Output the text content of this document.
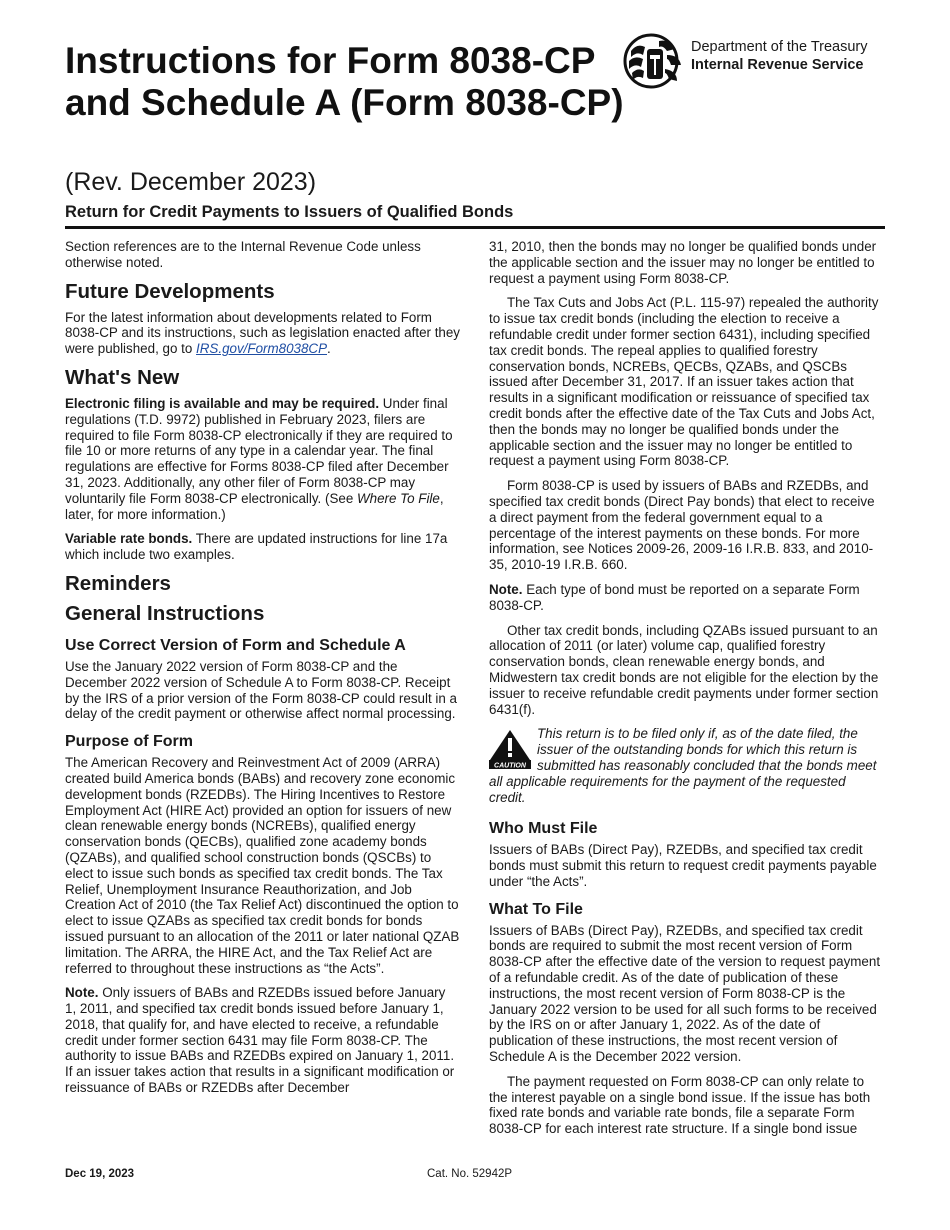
Instructions for Form 8038-CP and Schedule A (Form 8038-CP)
Department of the Treasury
Internal Revenue Service
(Rev. December 2023)
Return for Credit Payments to Issuers of Qualified Bonds

Section references are to the Internal Revenue Code unless otherwise noted.

Future Developments

For the latest information about developments related to Form 8038-CP and its instructions, such as legislation enacted after they were published, go to IRS.gov/Form8038CP.

What's New

Electronic filing is available and may be required. Under final regulations (T.D. 9972) published in February 2023, filers are required to file Form 8038-CP electronically if they are required to file 10 or more returns of any type in a calendar year. The final regulations are effective for Forms 8038-CP filed after December 31, 2023. Additionally, any other filer of Form 8038-CP may voluntarily file Form 8038-CP electronically. (See Where To File, later, for more information.)

Variable rate bonds. There are updated instructions for line 17a which include two examples.

Reminders
General Instructions
Use Correct Version of Form and Schedule A

Use the January 2022 version of Form 8038-CP and the December 2022 version of Schedule A to Form 8038-CP. Receipt by the IRS of a prior version of the Form 8038-CP could result in a delay of the credit payment or otherwise affect normal processing.

Purpose of Form

The American Recovery and Reinvestment Act of 2009 (ARRA) created build America bonds (BABs) and recovery zone economic development bonds (RZEDBs). The Hiring Incentives to Restore Employment Act (HIRE Act) provided an option for issuers of new clean renewable energy bonds (NCREBs), qualified energy conservation bonds (QECBs), qualified zone academy bonds (QZABs), and qualified school construction bonds (QSCBs) to elect to issue such bonds as specified tax credit bonds. The Tax Relief, Unemployment Insurance Reauthorization, and Job Creation Act of 2010 (the Tax Relief Act) discontinued the option to elect to issue QZABs as specified tax credit bonds for bonds issued pursuant to an allocation of the 2011 or later national QZAB limitation. The ARRA, the HIRE Act, and the Tax Relief Act are referred to throughout these instructions as “the Acts”.

Note. Only issuers of BABs and RZEDBs issued before January 1, 2011, and specified tax credit bonds issued before January 1, 2018, that qualify for, and have elected to receive, a refundable credit under former section 6431 may file Form 8038-CP. The authority to issue BABs and RZEDBs expired on January 1, 2011. If an issuer takes action that results in a significant modification or reissuance of BABs or RZEDBs after December

31, 2010, then the bonds may no longer be qualified bonds under the applicable section and the issuer may no longer be entitled to request a payment using Form 8038-CP.

The Tax Cuts and Jobs Act (P.L. 115-97) repealed the authority to issue tax credit bonds (including the election to receive a refundable credit under former section 6431), including specified tax credit bonds. The repeal applies to qualified forestry conservation bonds, NCREBs, QECBs, QZABs, and QSCBs issued after December 31, 2017. If an issuer takes action that results in a significant modification or reissuance of specified tax credit bonds after the effective date of the Tax Cuts and Jobs Act, then the bonds may no longer be qualified bonds under the applicable section and the issuer may no longer be entitled to request a payment using Form 8038-CP.

Form 8038-CP is used by issuers of BABs and RZEDBs, and specified tax credit bonds (Direct Pay bonds) that elect to receive a direct payment from the federal government equal to a percentage of the interest payments on these bonds. For more information, see Notices 2009-26, 2009-16 I.R.B. 833, and 2010-35, 2010-19 I.R.B. 660.

Note. Each type of bond must be reported on a separate Form 8038-CP.

Other tax credit bonds, including QZABs issued pursuant to an allocation of 2011 (or later) volume cap, qualified forestry conservation bonds, clean renewable energy bonds, and Midwestern tax credit bonds are not eligible for the election by the issuer to receive refundable credit payments under former section 6431(f).

CAUTION
This return is to be filed only if, as of the date filed, the issuer of the outstanding bonds for which this return is submitted has reasonably concluded that the bonds meet all applicable requirements for the payment of the requested credit.
Who Must File

Issuers of BABs (Direct Pay), RZEDBs, and specified tax credit bonds must submit this return to request credit payments payable under “the Acts”.

What To File

Issuers of BABs (Direct Pay), RZEDBs, and specified tax credit bonds are required to submit the most recent version of Form 8038-CP after the effective date of the version to request payment of a refundable credit. As of the date of publication of these instructions, the most recent version of Form 8038-CP is the January 2022 version to be used for all such forms to be received by the IRS on or after January 1, 2022. As of the date of publication of these instructions, the most recent version of Schedule A is the December 2022 version.

The payment requested on Form 8038-CP can only relate to the interest payable on a single bond issue. If the issue has both fixed rate bonds and variable rate bonds, file a separate Form 8038-CP for each interest rate structure. If a single bond issue

Dec 19, 2023	Cat. No. 52942P
